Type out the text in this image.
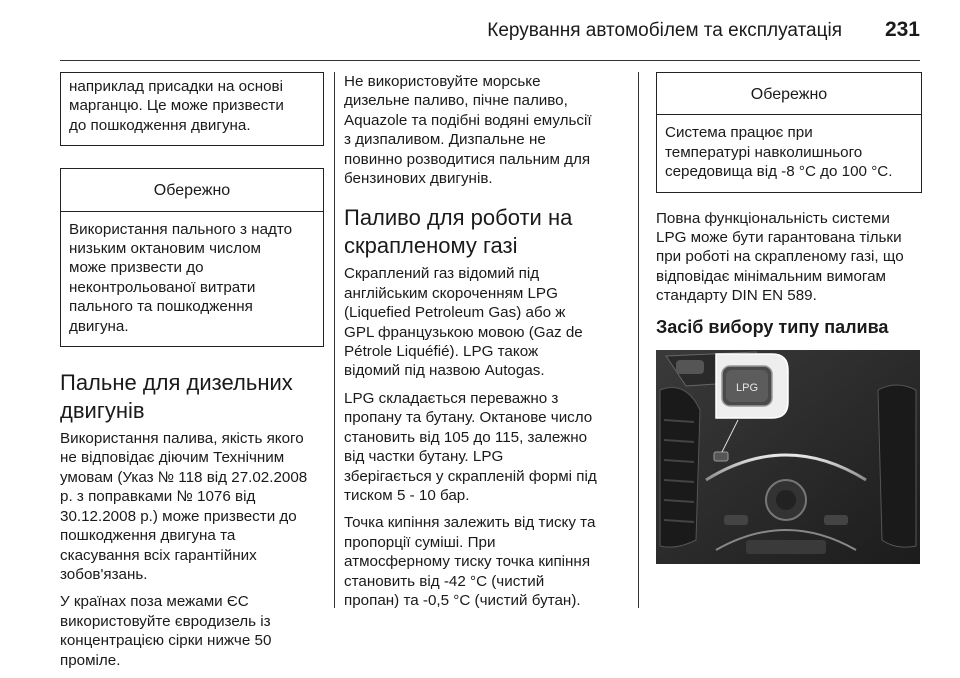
Керування автомобілем та експлуатація 231
наприклад присадки на основі
марганцю. Це може призвести
до пошкодження двигуна.
Обережно
Використання пального з надто
низьким октановим числом
може призвести до
неконтрольованої витрати
пального та пошкодження
двигуна.
Пальне для дизельних
двигунів

Використання палива, якість якого
не відповідає діючим Технічним
умовам (Указ № 118 від 27.02.2008
р. з поправками № 1076 від
30.12.2008 р.) може призвести до
пошкодження двигуна та
скасування всіх гарантійних
зобов'язань.

У країнах поза межами ЄС
використовуйте євродизель із
концентрацією сірки нижче 50
проміле.

Не використовуйте морське
дизельне паливо, пічне паливо,
Aquazole та подібні водяні емульсії
з дизпаливом. Дизпальне не
повинно розводитися пальним для
бензинових двигунів.

Паливо для роботи на
скрапленому газі

Скраплений газ відомий під
англійським скороченням LPG
(Liquefied Petroleum Gas) або ж
GPL французькою мовою (Gaz de
Pétrole Liquéfié). LPG також
відомий під назвою Autogas.

LPG складається переважно з
пропану та бутану. Октанове число
становить від 105 до 115, залежно
від частки бутану. LPG
зберігається у скрапленій формі під
тиском 5 - 10 бар.

Точка кипіння залежить від тиску та
пропорції суміші. При
атмосферному тиску точка кипіння
становить від -42 °C (чистий
пропан) та -0,5 °C (чистий бутан).

Обережно
Система працює при
температурі навколишнього
середовища від -8 °C до 100 °C.

Повна функціональність системи
LPG може бути гарантована тільки
при роботі на скрапленому газі, що
відповідає мінімальним вимогам
стандарту DIN EN 589.

Засіб вибору типу палива
LPG
